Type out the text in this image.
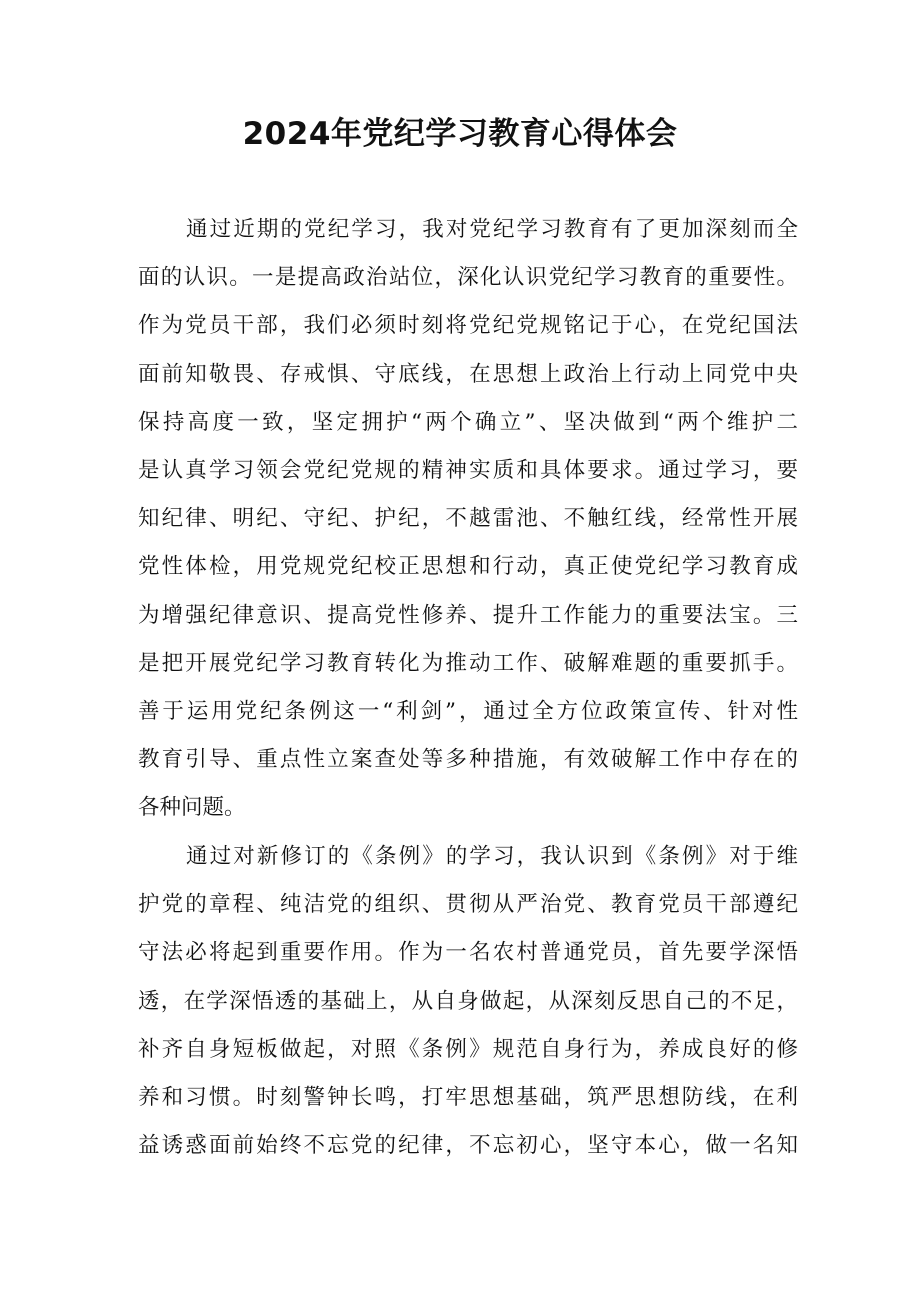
2024年党纪学习教育心得体会
通过近期的党纪学习，我对党纪学习教育有了更加深刻而全
面的认识。一是提高政治站位，深化认识党纪学习教育的重要性。
作为党员干部，我们必须时刻将党纪党规铭记于心，在党纪国法
面前知敬畏、存戒惧、守底线，在思想上政治上行动上同党中央
保持高度一致，坚定拥护“两个确立”、坚决做到“两个维护二
是认真学习领会党纪党规的精神实质和具体要求。通过学习，要
知纪律、明纪、守纪、护纪，不越雷池、不触红线，经常性开展
党性体检，用党规党纪校正思想和行动，真正使党纪学习教育成
为增强纪律意识、提高党性修养、提升工作能力的重要法宝。三
是把开展党纪学习教育转化为推动工作、破解难题的重要抓手。
善于运用党纪条例这一“利剑”，通过全方位政策宣传、针对性
教育引导、重点性立案查处等多种措施，有效破解工作中存在的
各种问题。
通过对新修订的《条例》的学习，我认识到《条例》对于维
护党的章程、纯洁党的组织、贯彻从严治党、教育党员干部遵纪
守法必将起到重要作用。作为一名农村普通党员，首先要学深悟
透，在学深悟透的基础上，从自身做起，从深刻反思自己的不足，
补齐自身短板做起，对照《条例》规范自身行为，养成良好的修
养和习惯。时刻警钟长鸣，打牢思想基础，筑严思想防线，在利
益诱惑面前始终不忘党的纪律，不忘初心，坚守本心，做一名知
